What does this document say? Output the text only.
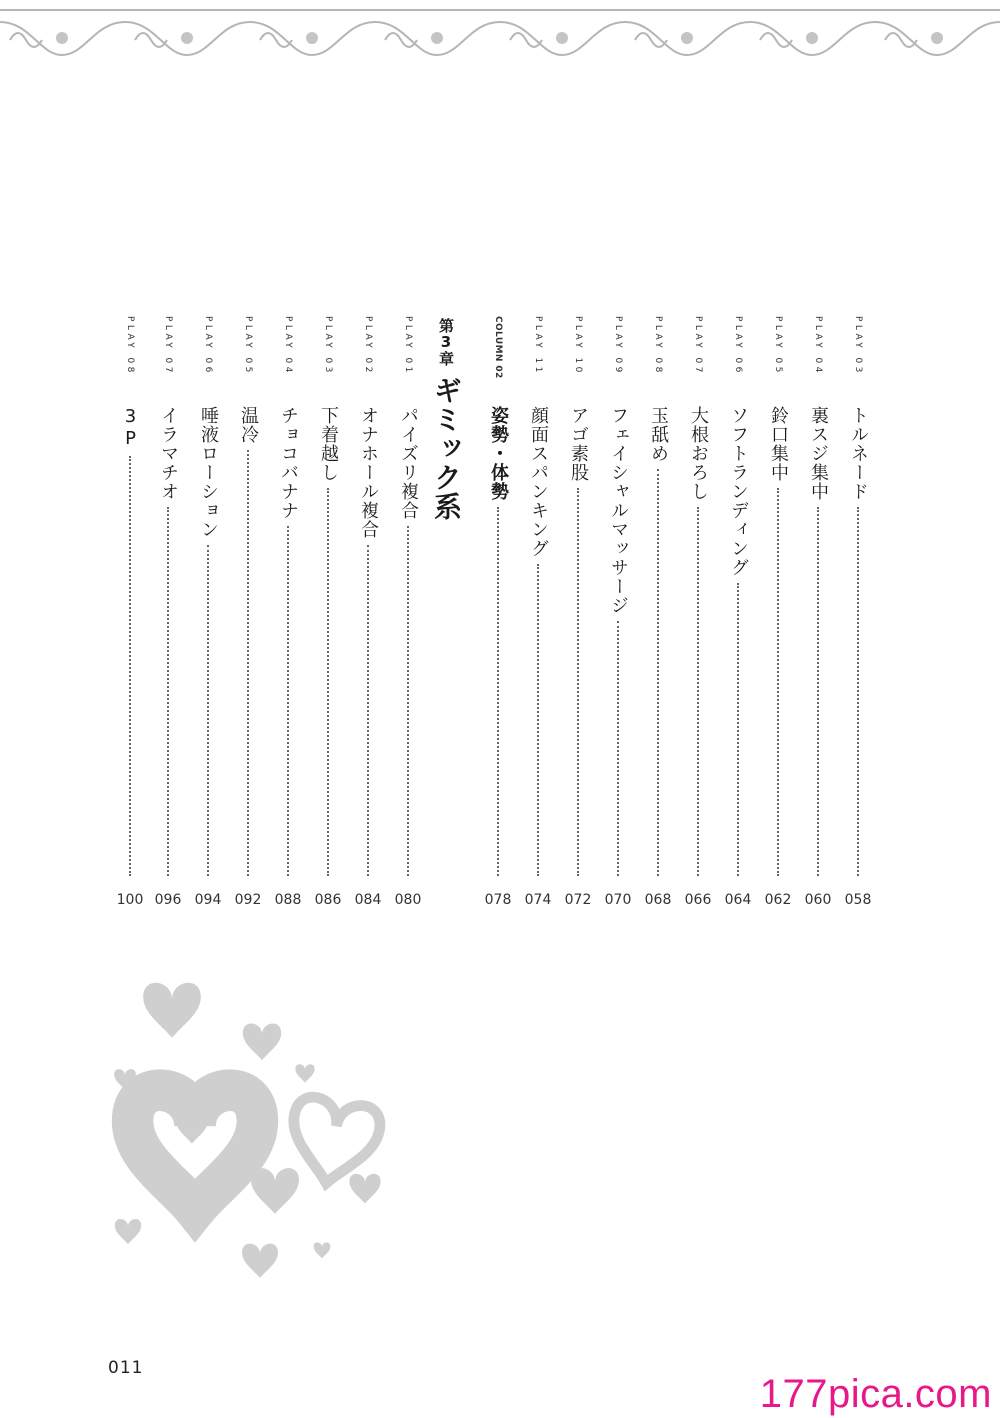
PLAY 03
トルネード
058
PLAY 04
裏スジ集中
060
PLAY 05
鈴口集中
062
PLAY 06
ソフトランディング
064
PLAY 07
大根おろし
066
PLAY 08
玉舐め
068
PLAY 09
フェイシャルマッサージ
070
PLAY 10
アゴ素股
072
PLAY 11
顔面スパンキング
074
COLUMN 02
姿勢・体勢
078
第3章
ギミック系
PLAY 01
パイズリ複合
080
PLAY 02
オナホール複合
084
PLAY 03
下着越し
086
PLAY 04
チョコバナナ
088
PLAY 05
温冷
092
PLAY 06
唾液ローション
094
PLAY 07
イラマチオ
096
PLAY 08
3P
100
011
177pica.com
